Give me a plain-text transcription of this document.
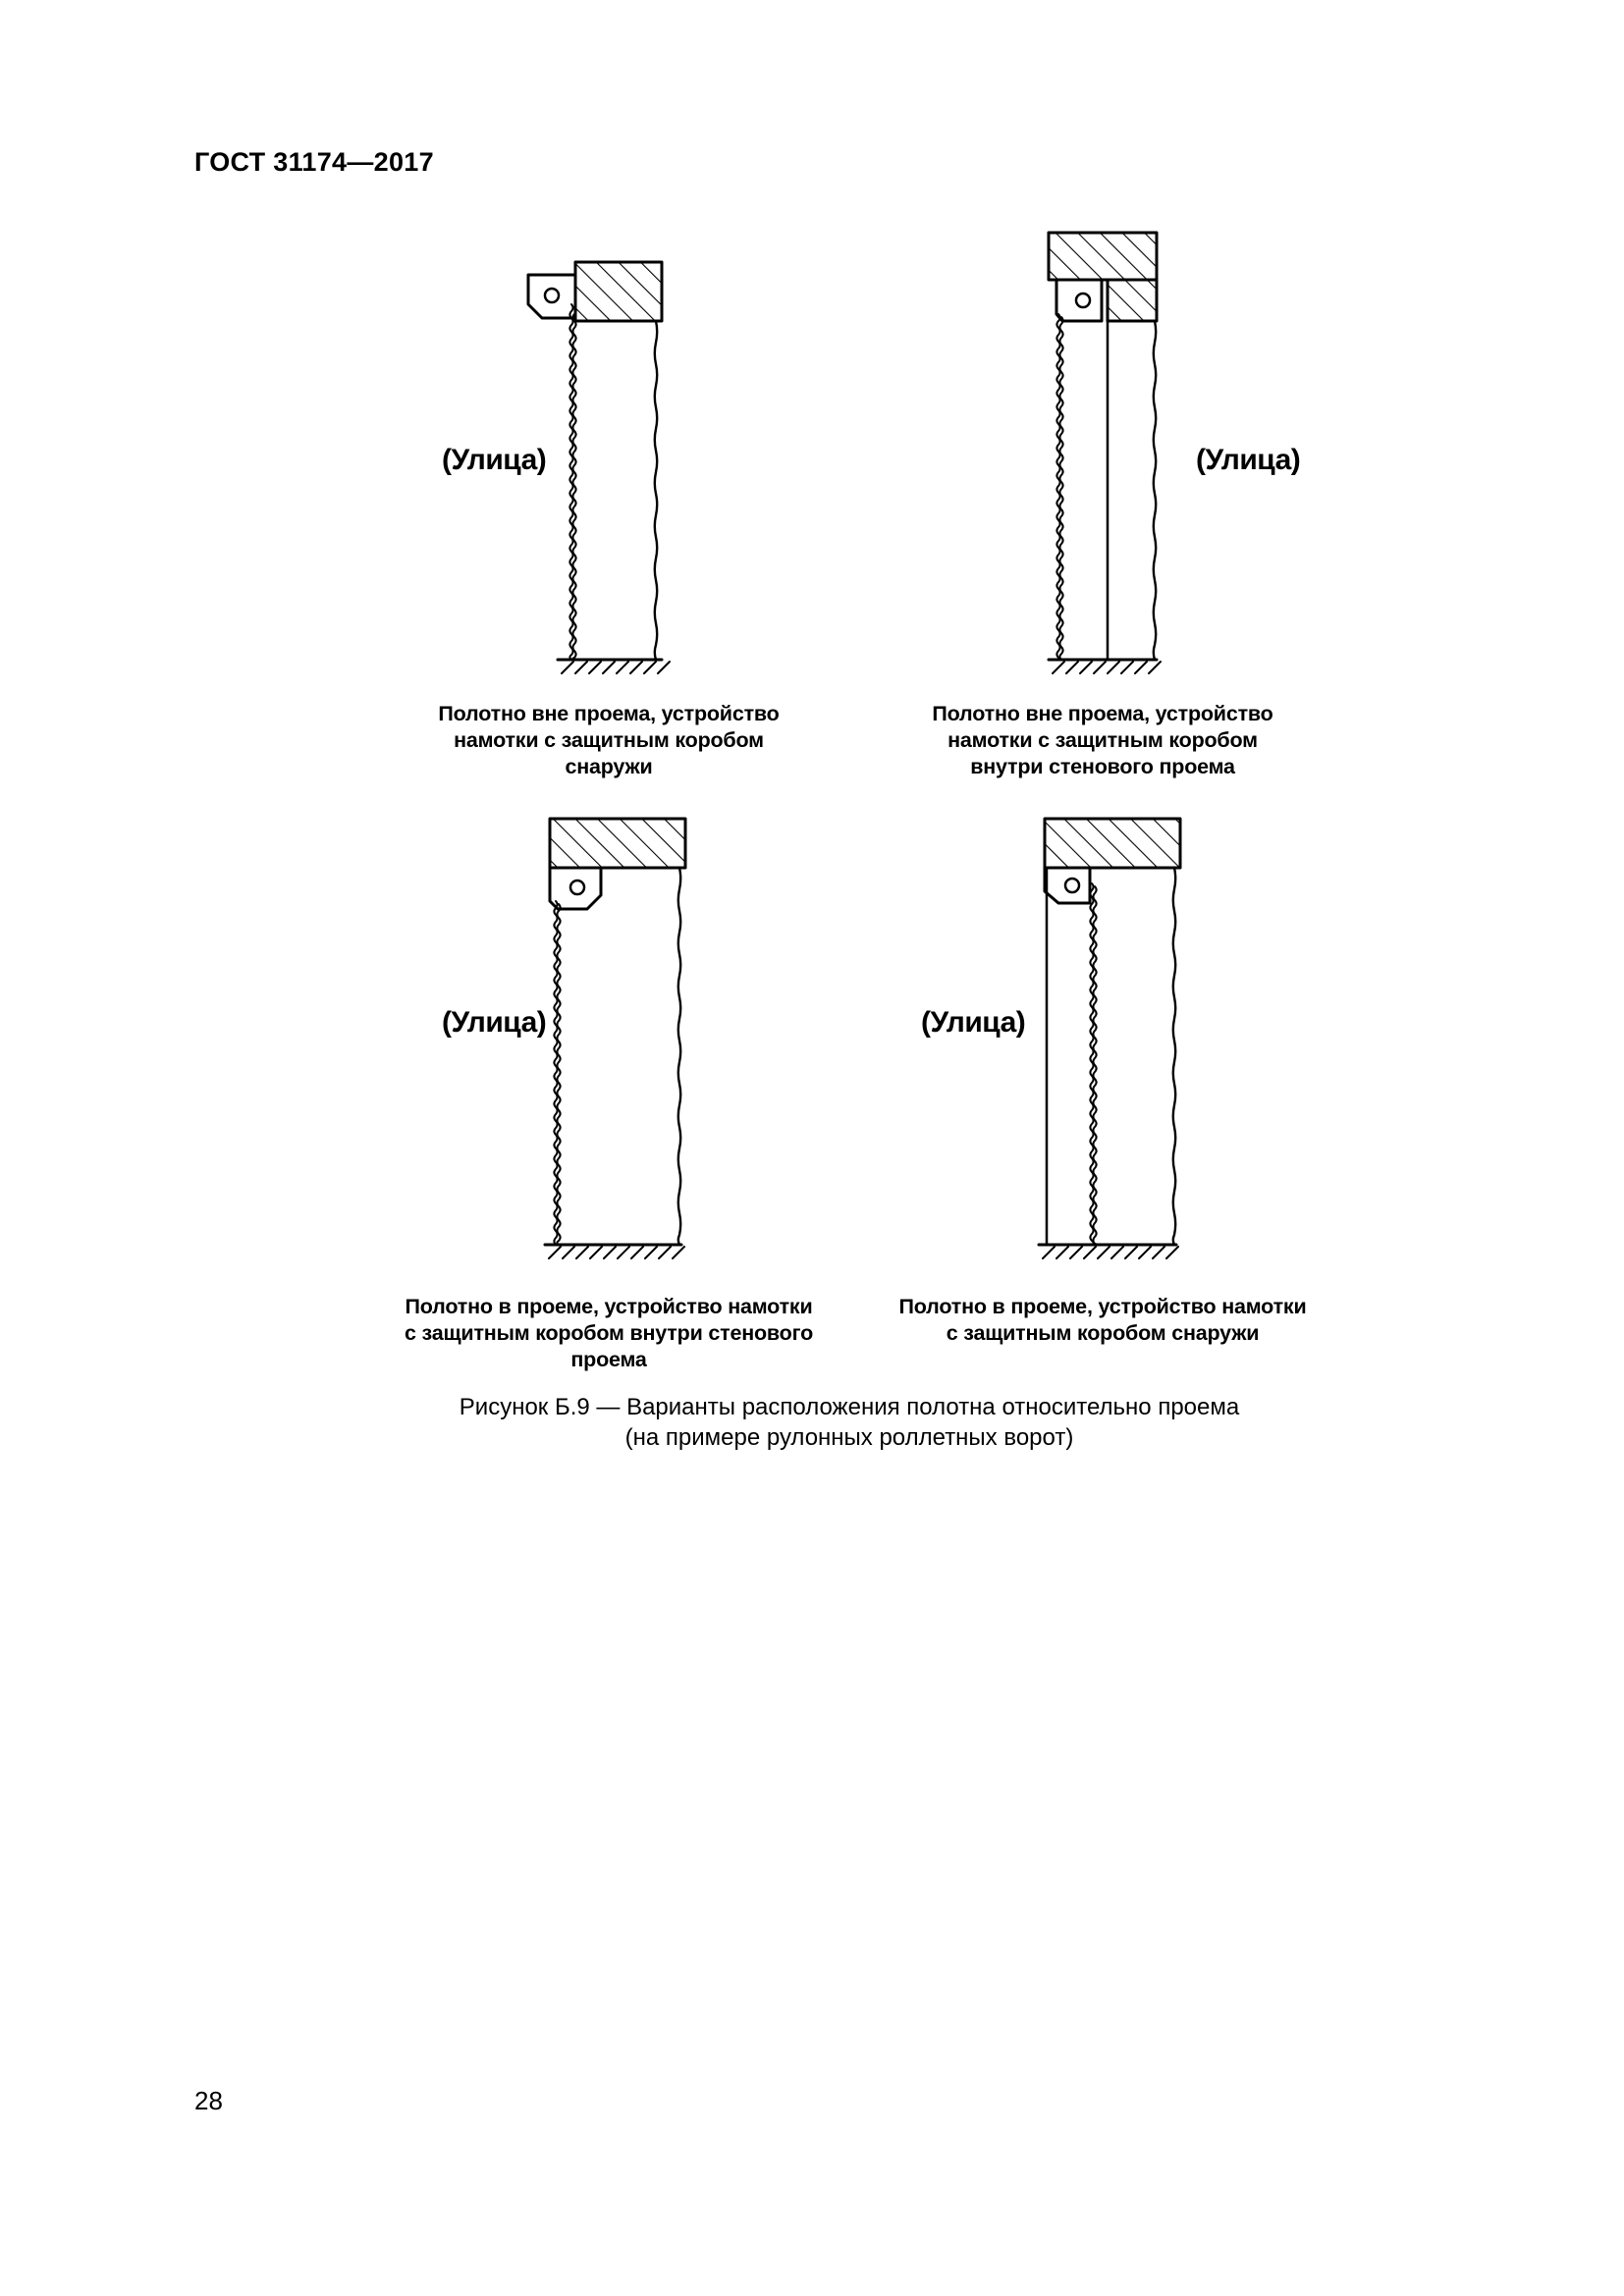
ГОСТ 31174—2017
(Улица)
Полотно вне проема, устройство
намотки с защитным коробом
снаружи
(Улица)
Полотно вне проема, устройство
намотки с защитным коробом
внутри стенового проема
(Улица)
Полотно в проеме, устройство намотки
с защитным коробом внутри стенового
проема
(Улица)
Полотно в проеме, устройство намотки
с защитным коробом снаружи
Рисунок Б.9 — Варианты расположения полотна относительно проема
(на примере рулонных роллетных ворот)
28
